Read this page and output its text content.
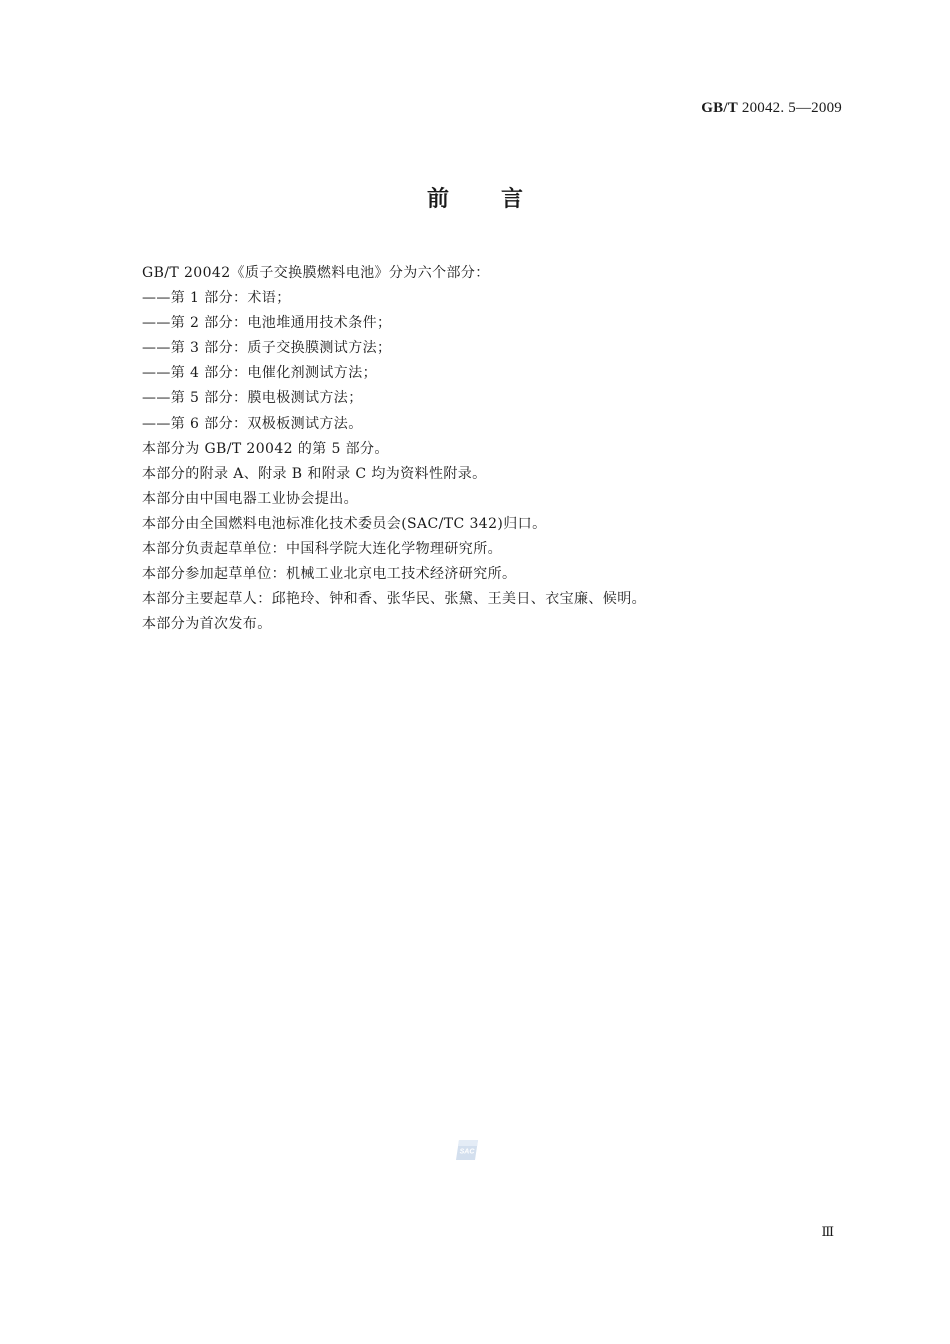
GB/T 20042. 5—2009
前言

GB/T 20042《质子交换膜燃料电池》分为六个部分：

——第 1 部分：术语；

——第 2 部分：电池堆通用技术条件；

——第 3 部分：质子交换膜测试方法；

——第 4 部分：电催化剂测试方法；

——第 5 部分：膜电极测试方法；

——第 6 部分：双极板测试方法。

本部分为 GB/T 20042 的第 5 部分。

本部分的附录 A、附录 B 和附录 C 均为资料性附录。

本部分由中国电器工业协会提出。

本部分由全国燃料电池标准化技术委员会(SAC/TC 342)归口。

本部分负责起草单位：中国科学院大连化学物理研究所。

本部分参加起草单位：机械工业北京电工技术经济研究所。

本部分主要起草人：邱艳玲、钟和香、张华民、张黛、王美日、衣宝廉、候明。

本部分为首次发布。

SAC
Ⅲ
